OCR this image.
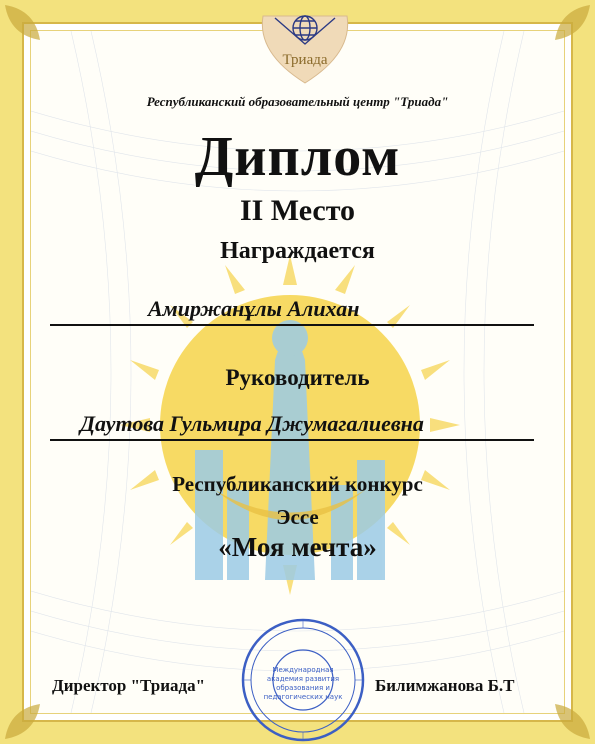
Триада
Республиканский образовательный центр "Триада"
Диплом
II Место
Награждается
Амиржанұлы Алихан
Руководитель
Даутова Гульмира Джумагалиевна
Республиканский конкурс
Эссе
«Моя мечта»
Директор "Триада"	Билимжанова Б.Т
Международная
академия развития
образования и
педагогических наук
